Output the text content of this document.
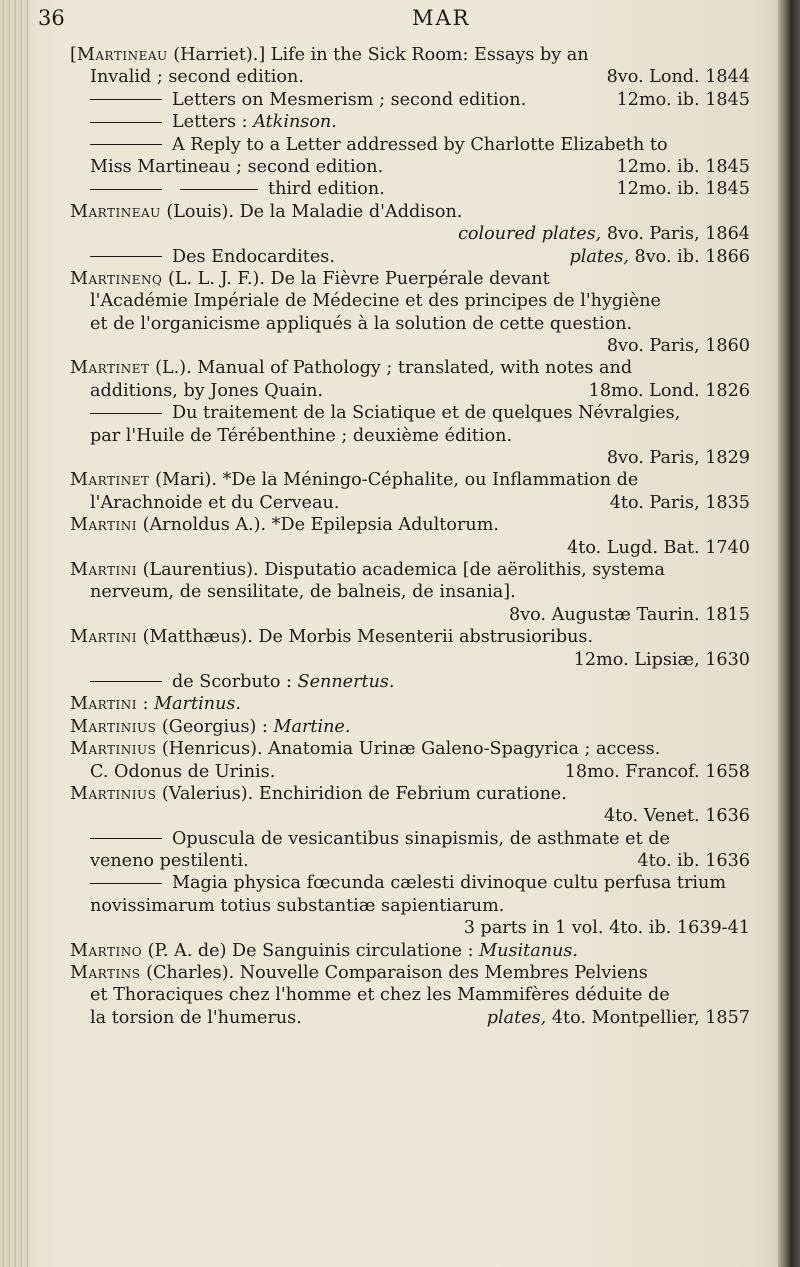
36	MAR
[Martineau (Harriet).] Life in the Sick Room: Essays by an
Invalid ; second edition.	8vo. Lond. 1844
Letters on Mesmerism ; second edition.	12mo. ib. 1845
Letters : Atkinson.
A Reply to a Letter addressed by Charlotte Elizabeth to
Miss Martineau ; second edition.	12mo. ib. 1845
third edition.	12mo. ib. 1845
Martineau (Louis). De la Maladie d'Addison.
coloured plates, 8vo. Paris, 1864
Des Endocardites.	plates, 8vo. ib. 1866
Martinenq (L. L. J. F.). De la Fièvre Puerpérale devant
l'Académie Impériale de Médecine et des principes de l'hygiène
et de l'organicisme appliqués à la solution de cette question.
8vo. Paris, 1860
Martinet (L.). Manual of Pathology ; translated, with notes and
additions, by Jones Quain.	18mo. Lond. 1826
Du traitement de la Sciatique et de quelques Névralgies,
par l'Huile de Térébenthine ; deuxième édition.
8vo. Paris, 1829
Martinet (Mari). *De la Méningo-Céphalite, ou Inflammation de
l'Arachnoide et du Cerveau.	4to. Paris, 1835
Martini (Arnoldus A.). *De Epilepsia Adultorum.
4to. Lugd. Bat. 1740
Martini (Laurentius). Disputatio academica [de aërolithis, systema
nerveum, de sensilitate, de balneis, de insania].
8vo. Augustæ Taurin. 1815
Martini (Matthæus). De Morbis Mesenterii abstrusioribus.
12mo. Lipsiæ, 1630
de Scorbuto : Sennertus.
Martini : Martinus.
Martinius (Georgius) : Martine.
Martinius (Henricus). Anatomia Urinæ Galeno-Spagyrica ; access.
C. Odonus de Urinis.	18mo. Francof. 1658
Martinius (Valerius). Enchiridion de Febrium curatione.
4to. Venet. 1636
Opuscula de vesicantibus sinapismis, de asthmate et de
veneno pestilenti.	4to. ib. 1636
Magia physica fœcunda cælesti divinoque cultu perfusa trium
novissimarum totius substantiæ sapientiarum.
3 parts in 1 vol. 4to. ib. 1639-41
Martino (P. A. de) De Sanguinis circulatione : Musitanus.
Martins (Charles). Nouvelle Comparaison des Membres Pelviens
et Thoraciques chez l'homme et chez les Mammifères déduite de
la torsion de l'humerus.	plates, 4to. Montpellier, 1857
